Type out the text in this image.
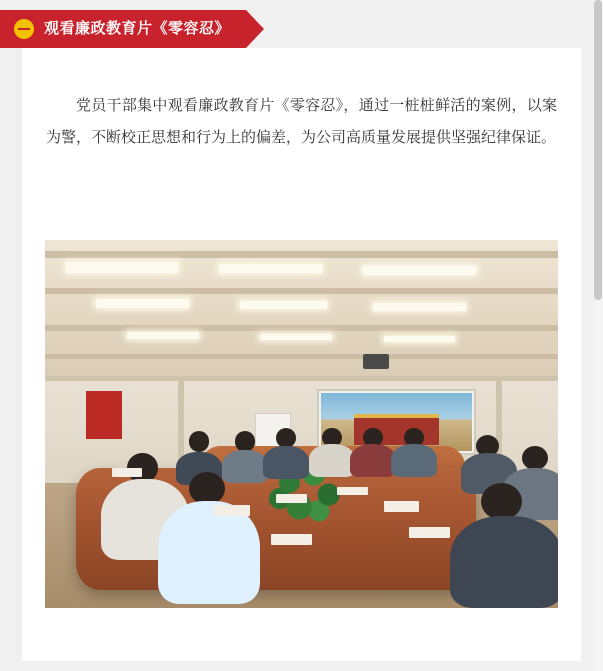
观看廉政教育片《零容忍》

党员干部集中观看廉政教育片《零容忍》，通过一桩桩鲜活的案例，以案为警，不断校正思想和行为上的偏差，为公司高质量发展提供坚强纪律保证。
